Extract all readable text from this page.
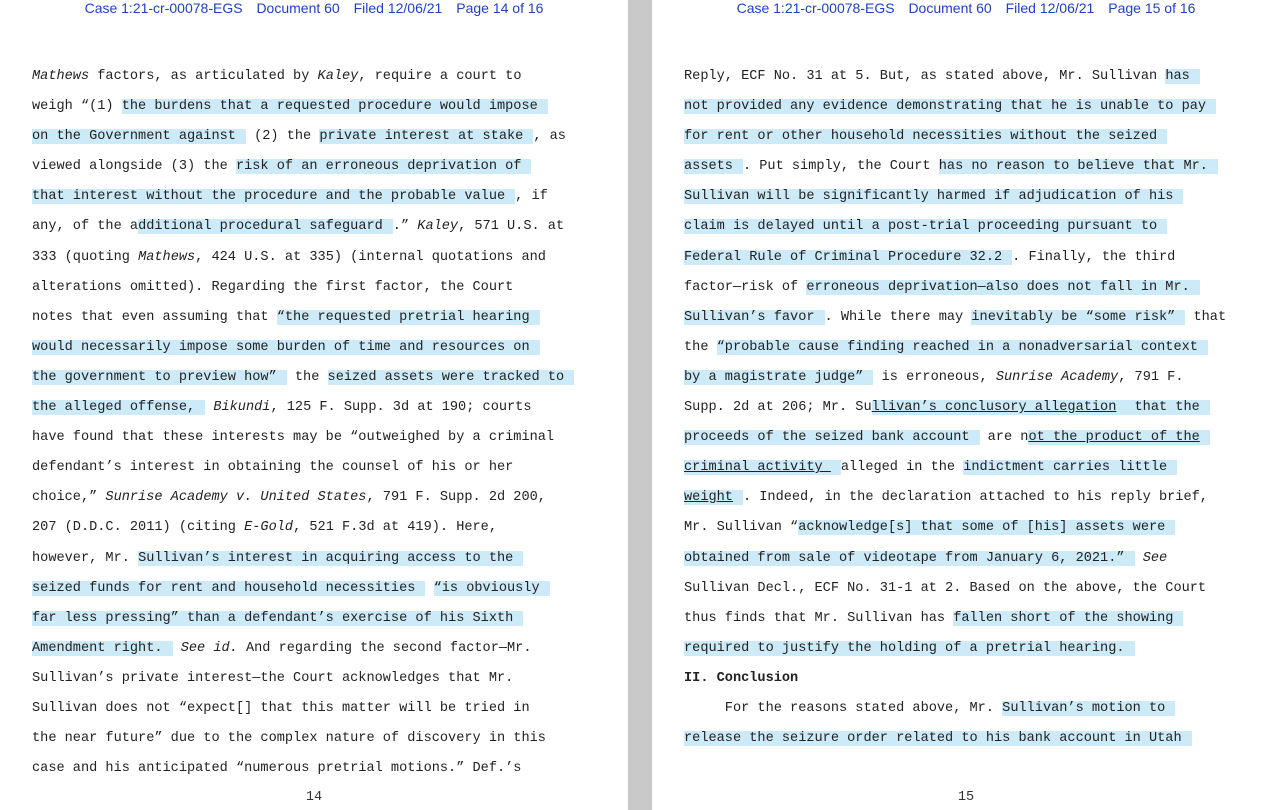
Case 1:21-cr-00078-EGS Document 60 Filed 12/06/21 Page 14 of 16
Mathews factors, as articulated by Kaley, require a court to
weigh “(1) the burdens that a requested procedure would impose
on the Government against (2) the private interest at stake , as
viewed alongside (3) the risk of an erroneous deprivation of
that interest without the procedure and the probable value , if
any, of the additional procedural safeguard .” Kaley, 571 U.S. at
333 (quoting Mathews, 424 U.S. at 335) (internal quotations and
alterations omitted). Regarding the first factor, the Court
notes that even assuming that “the requested pretrial hearing
would necessarily impose some burden of time and resources on
the government to preview how” the seized assets were tracked to
the alleged offense, Bikundi, 125 F. Supp. 3d at 190; courts
have found that these interests may be “outweighed by a criminal
defendant’s interest in obtaining the counsel of his or her
choice,” Sunrise Academy v. United States, 791 F. Supp. 2d 200,
207 (D.D.C. 2011) (citing E-Gold, 521 F.3d at 419). Here,
however, Mr. Sullivan’s interest in acquiring access to the
seized funds for rent and household necessities “is obviously
far less pressing” than a defendant’s exercise of his Sixth
Amendment right. See id. And regarding the second factor—Mr.
Sullivan’s private interest—the Court acknowledges that Mr.
Sullivan does not “expect[] that this matter will be tried in
the near future” due to the complex nature of discovery in this
case and his anticipated “numerous pretrial motions.” Def.’s
14
Case 1:21-cr-00078-EGS Document 60 Filed 12/06/21 Page 15 of 16
Reply, ECF No. 31 at 5. But, as stated above, Mr. Sullivan has
not provided any evidence demonstrating that he is unable to pay
for rent or other household necessities without the seized
assets . Put simply, the Court has no reason to believe that Mr.
Sullivan will be significantly harmed if adjudication of his
claim is delayed until a post-trial proceeding pursuant to
Federal Rule of Criminal Procedure 32.2 . Finally, the third
factor—risk of erroneous deprivation—also does not fall in Mr.
Sullivan’s favor . While there may inevitably be “some risk” that
the “probable cause finding reached in a nonadversarial context
by a magistrate judge” is erroneous, Sunrise Academy, 791 F.
Supp. 2d at 206; Mr. Sullivan’s conclusory allegation that the
proceeds of the seized bank account are not the product of the
criminal activity alleged in the indictment carries little
weight . Indeed, in the declaration attached to his reply brief,
Mr. Sullivan “acknowledge[s] that some of [his] assets were
obtained from sale of videotape from January 6, 2021.” See
Sullivan Decl., ECF No. 31-1 at 2. Based on the above, the Court
thus finds that Mr. Sullivan has fallen short of the showing
required to justify the holding of a pretrial hearing.
II. Conclusion
For the reasons stated above, Mr. Sullivan’s motion to
release the seizure order related to his bank account in Utah
15
